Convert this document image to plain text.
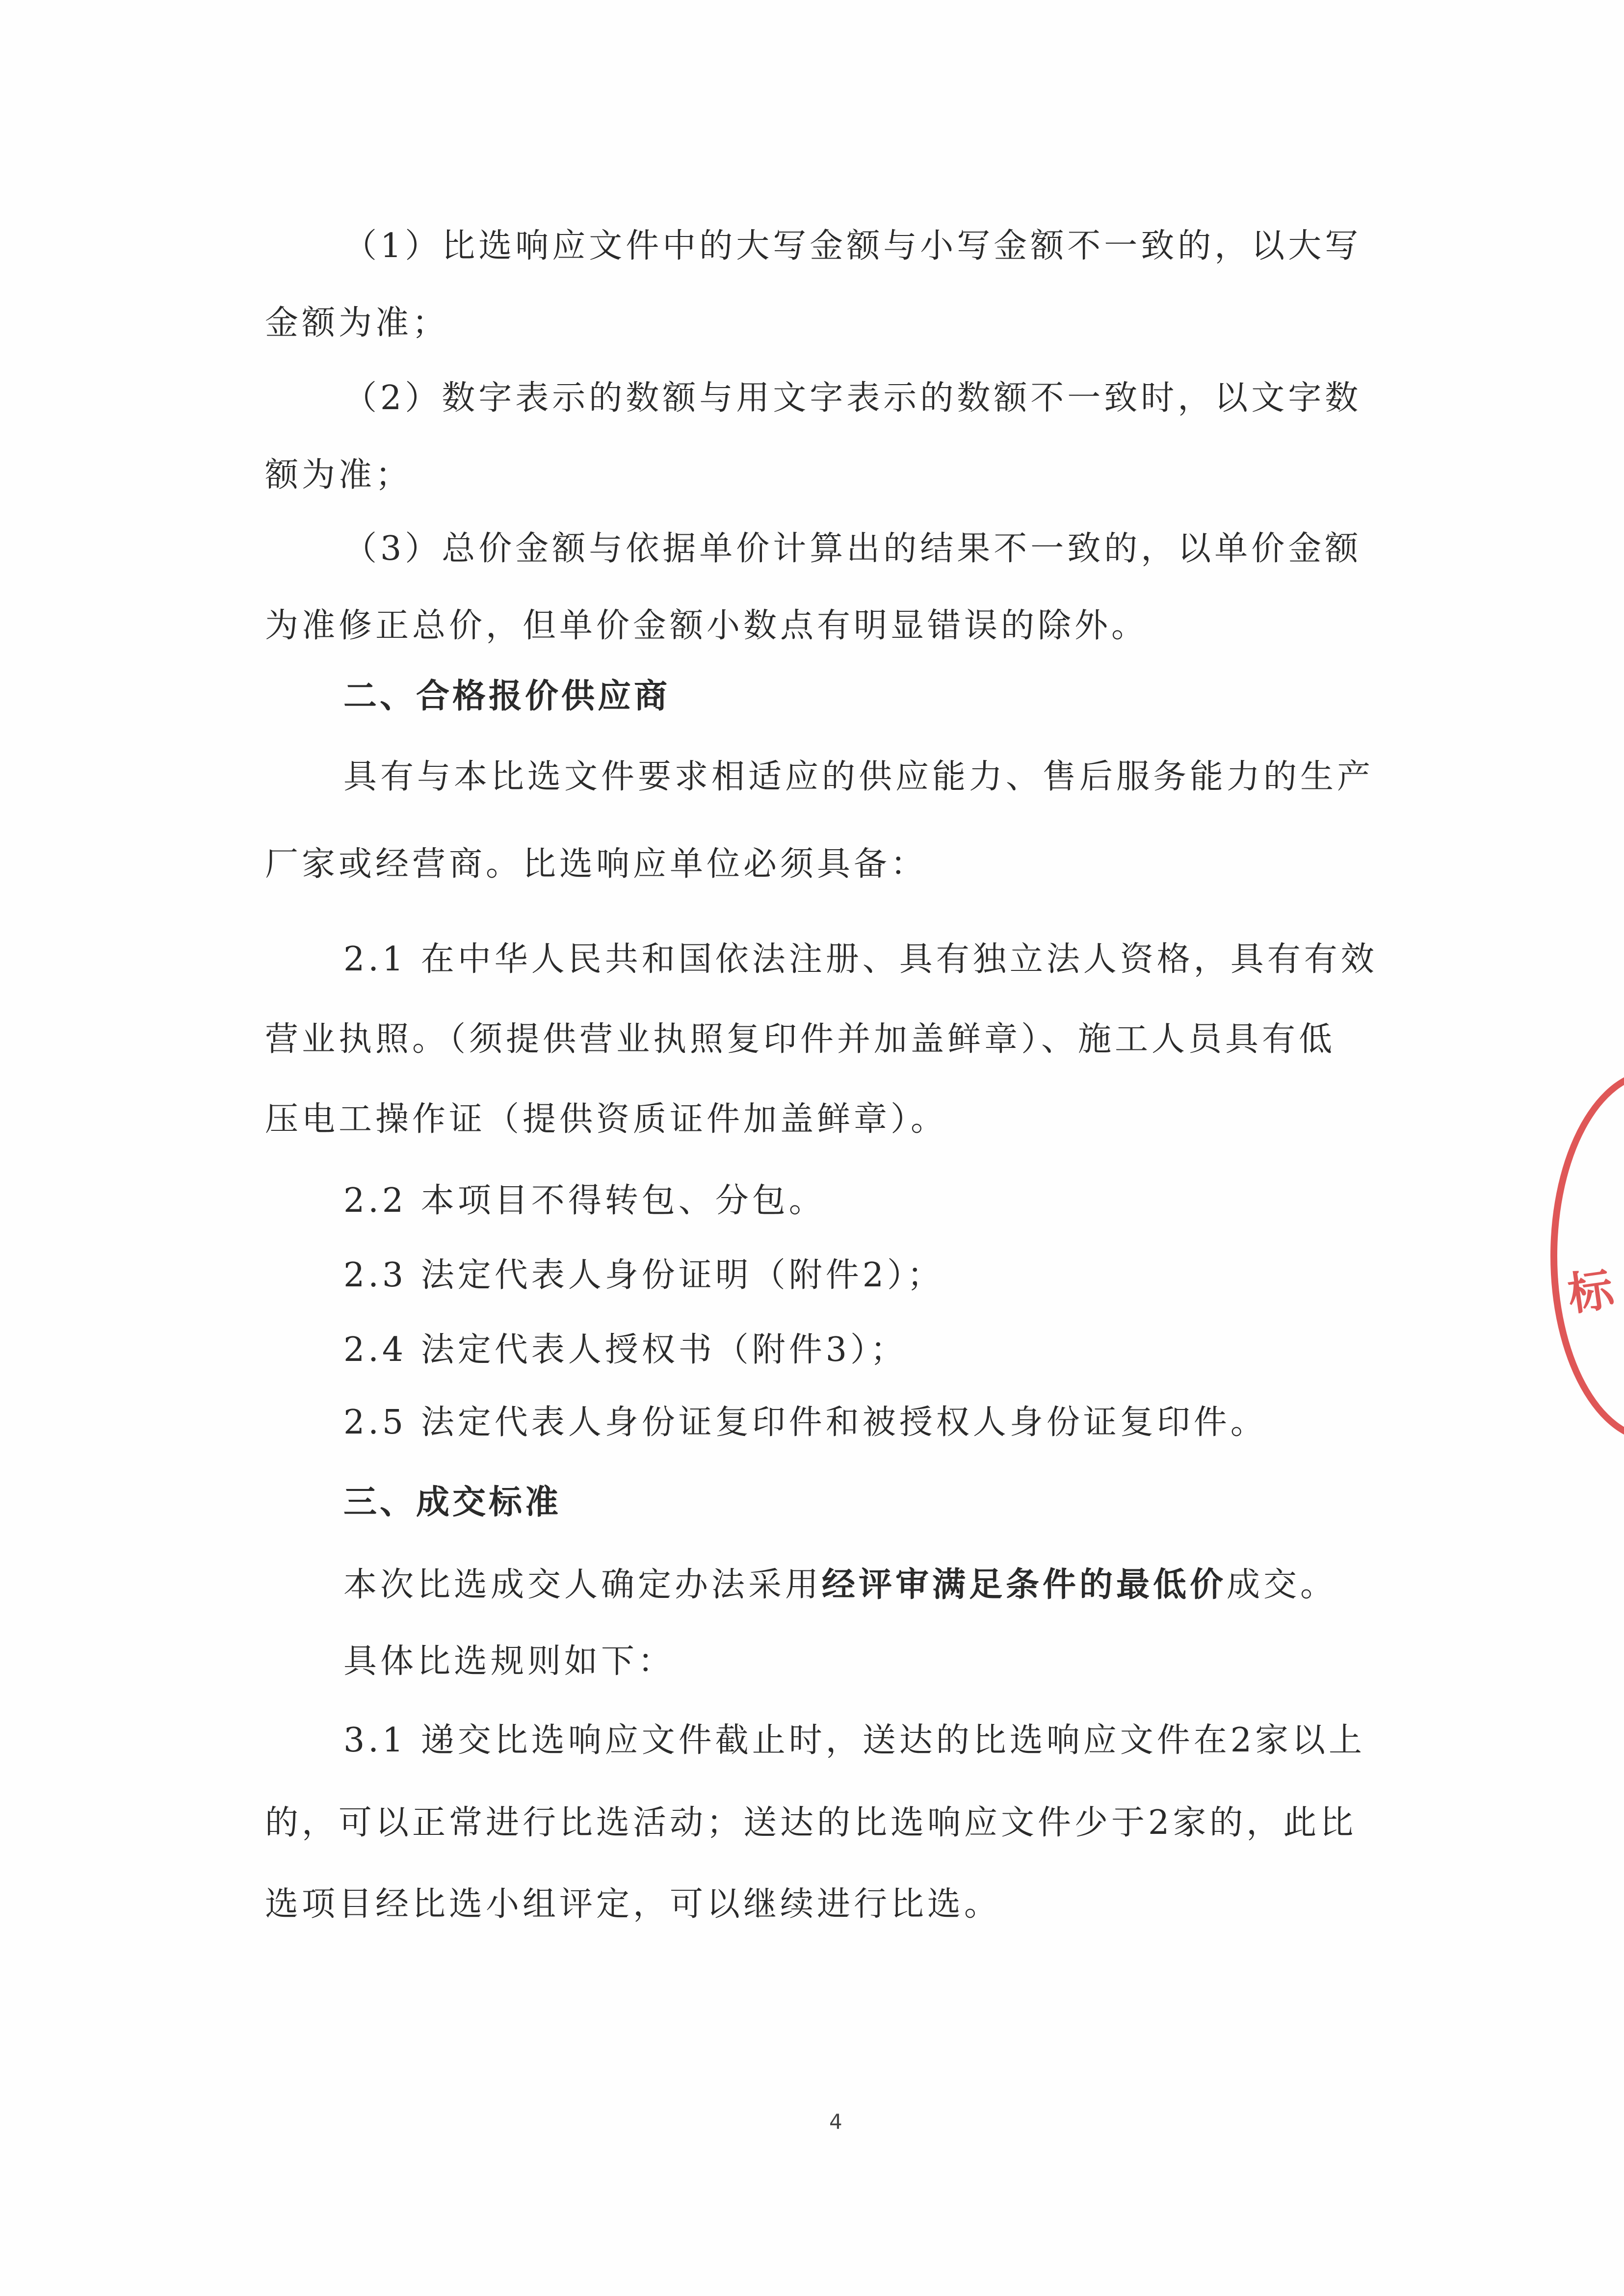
（1）比选响应文件中的大写金额与小写金额不一致的，以大写
金额为准；
（2）数字表示的数额与用文字表示的数额不一致时，以文字数
额为准；
（3）总价金额与依据单价计算出的结果不一致的，以单价金额
为准修正总价，但单价金额小数点有明显错误的除外。
二、合格报价供应商
具有与本比选文件要求相适应的供应能力、售后服务能力的生产
厂家或经营商。比选响应单位必须具备：
2.1 在中华人民共和国依法注册、具有独立法人资格，具有有效
营业执照。（须提供营业执照复印件并加盖鲜章）、施工人员具有低
压电工操作证（提供资质证件加盖鲜章）。
2.2 本项目不得转包、分包。
2.3 法定代表人身份证明（附件2）；
2.4 法定代表人授权书（附件3）；
2.5 法定代表人身份证复印件和被授权人身份证复印件。
三、成交标准
本次比选成交人确定办法采用经评审满足条件的最低价成交。
具体比选规则如下：
3.1 递交比选响应文件截止时，送达的比选响应文件在2家以上
的，可以正常进行比选活动；送达的比选响应文件少于2家的，此比
选项目经比选小组评定，可以继续进行比选。
标
4
